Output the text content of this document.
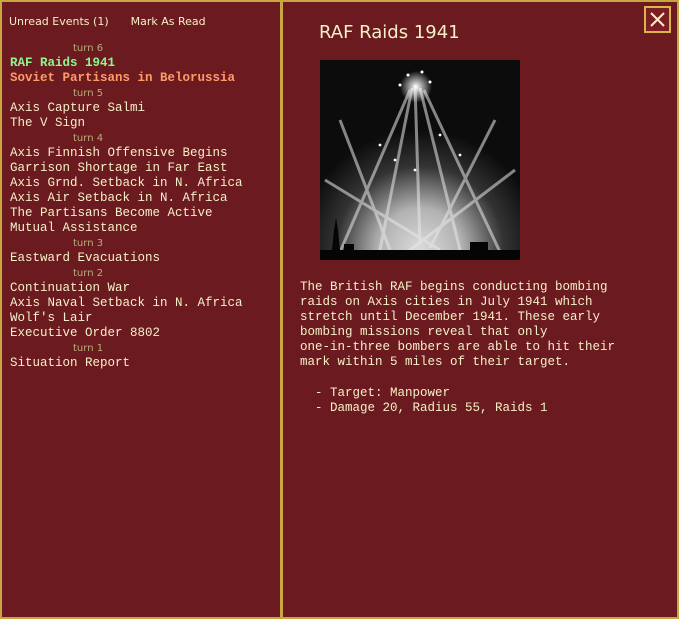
Unread Events (1) Mark As Read
turn 6
RAF Raids 1941
Soviet Partisans in Belorussia
turn 5
Axis Capture Salmi
The V Sign
turn 4
Axis Finnish Offensive Begins
Garrison Shortage in Far East
Axis Grnd. Setback in N. Africa
Axis Air Setback in N. Africa
The Partisans Become Active
Mutual Assistance
turn 3
Eastward Evacuations
turn 2
Continuation War
Axis Naval Setback in N. Africa
Wolf's Lair
Executive Order 8802
turn 1
Situation Report
RAF Raids 1941

The British RAF begins conducting bombing
raids on Axis cities in July 1941 which
stretch until December 1941. These early
bombing missions reveal that only
one-in-three bombers are able to hit their
mark within 5 miles of their target.

- Target: Manpower
- Damage 20, Radius 55, Raids 1
